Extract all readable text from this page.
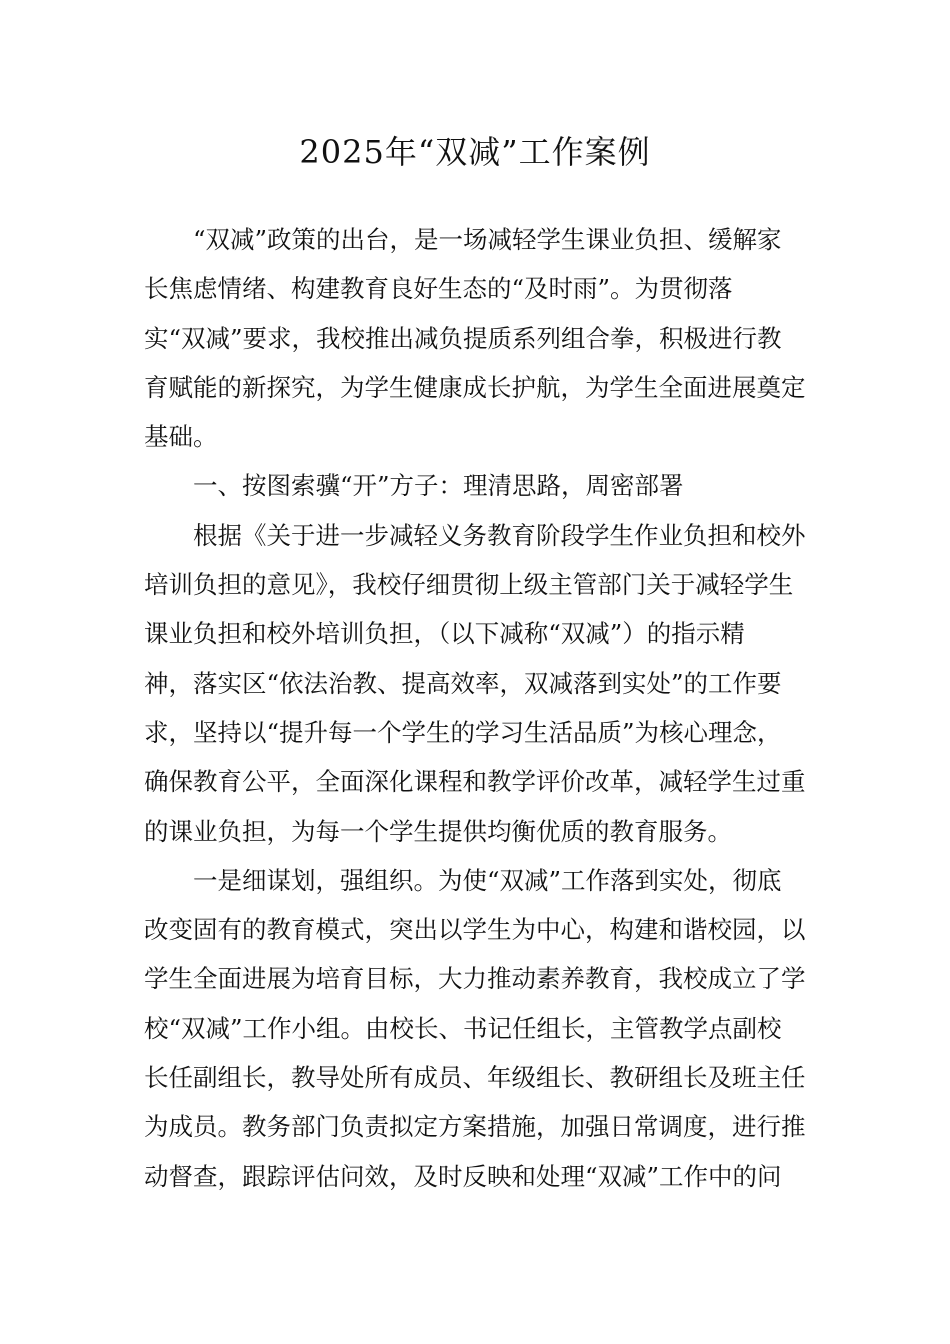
2025年“双减”工作案例

“双减”政策的出台，是一场减轻学生课业负担、缓解家
长焦虑情绪、构建教育良好生态的“及时雨”。为贯彻落
实“双减”要求，我校推出减负提质系列组合拳，积极进行教
育赋能的新探究，为学生健康成长护航，为学生全面进展奠定
基础。

一、按图索骥“开”方子：理清思路，周密部署

根据《关于进一步减轻义务教育阶段学生作业负担和校外
培训负担的意见》，我校仔细贯彻上级主管部门关于减轻学生
课业负担和校外培训负担，（以下减称“双减”）的指示精
神，落实区“依法治教、提高效率，双减落到实处”的工作要
求，坚持以“提升每一个学生的学习生活品质”为核心理念，
确保教育公平，全面深化课程和教学评价改革，减轻学生过重
的课业负担，为每一个学生提供均衡优质的教育服务。

一是细谋划，强组织。为使“双减”工作落到实处，彻底
改变固有的教育模式，突出以学生为中心，构建和谐校园，以
学生全面进展为培育目标，大力推动素养教育，我校成立了学
校“双减”工作小组。由校长、书记任组长，主管教学点副校
长任副组长，教导处所有成员、年级组长、教研组长及班主任
为成员。教务部门负责拟定方案措施，加强日常调度，进行推
动督查，跟踪评估问效，及时反映和处理“双减”工作中的问
